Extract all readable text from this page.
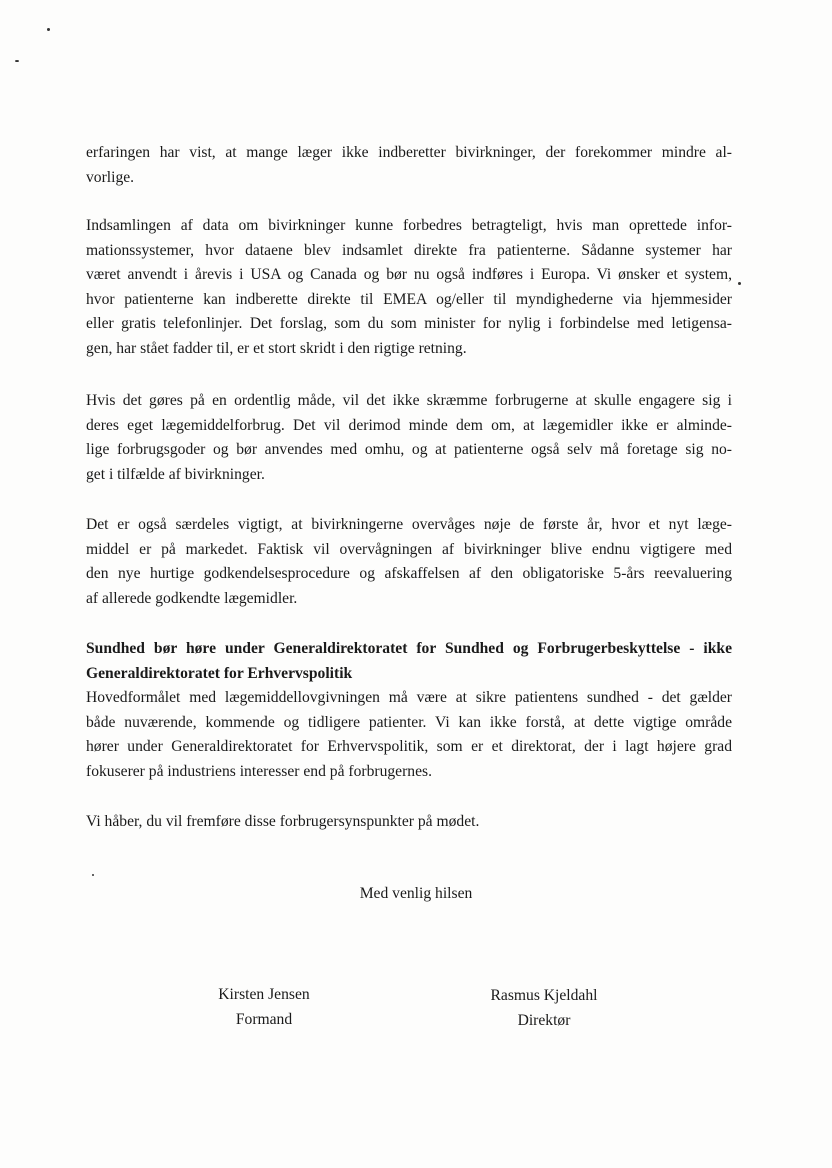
erfaringen har vist, at mange læger ikke indberetter bivirkninger, der forekommer mindre al-
vorlige.
Indsamlingen af data om bivirkninger kunne forbedres betragteligt, hvis man oprettede infor-
mationssystemer, hvor dataene blev indsamlet direkte fra patienterne. Sådanne systemer har
været anvendt i årevis i USA og Canada og bør nu også indføres i Europa. Vi ønsker et system,
hvor patienterne kan indberette direkte til EMEA og/eller til myndighederne via hjemmesider
eller gratis telefonlinjer. Det forslag, som du som minister for nylig i forbindelse med letigensa-
gen, har stået fadder til, er et stort skridt i den rigtige retning.
Hvis det gøres på en ordentlig måde, vil det ikke skræmme forbrugerne at skulle engagere sig i
deres eget lægemiddelforbrug. Det vil derimod minde dem om, at lægemidler ikke er alminde-
lige forbrugsgoder og bør anvendes med omhu, og at patienterne også selv må foretage sig no-
get i tilfælde af bivirkninger.
Det er også særdeles vigtigt, at bivirkningerne overvåges nøje de første år, hvor et nyt læge-
middel er på markedet. Faktisk vil overvågningen af bivirkninger blive endnu vigtigere med
den nye hurtige godkendelsesprocedure og afskaffelsen af den obligatoriske 5-års reevaluering
af allerede godkendte lægemidler.
Sundhed bør høre under Generaldirektoratet for Sundhed og Forbrugerbeskyttelse - ikke
Generaldirektoratet for Erhvervspolitik
Hovedformålet med lægemiddellovgivningen må være at sikre patientens sundhed - det gælder
både nuværende, kommende og tidligere patienter. Vi kan ikke forstå, at dette vigtige område
hører under Generaldirektoratet for Erhvervspolitik, som er et direktorat, der i lagt højere grad
fokuserer på industriens interesser end på forbrugernes.
Vi håber, du vil fremføre disse forbrugersynspunkter på mødet.
Med venlig hilsen
Kirsten Jensen
Formand
Rasmus Kjeldahl
Direktør
